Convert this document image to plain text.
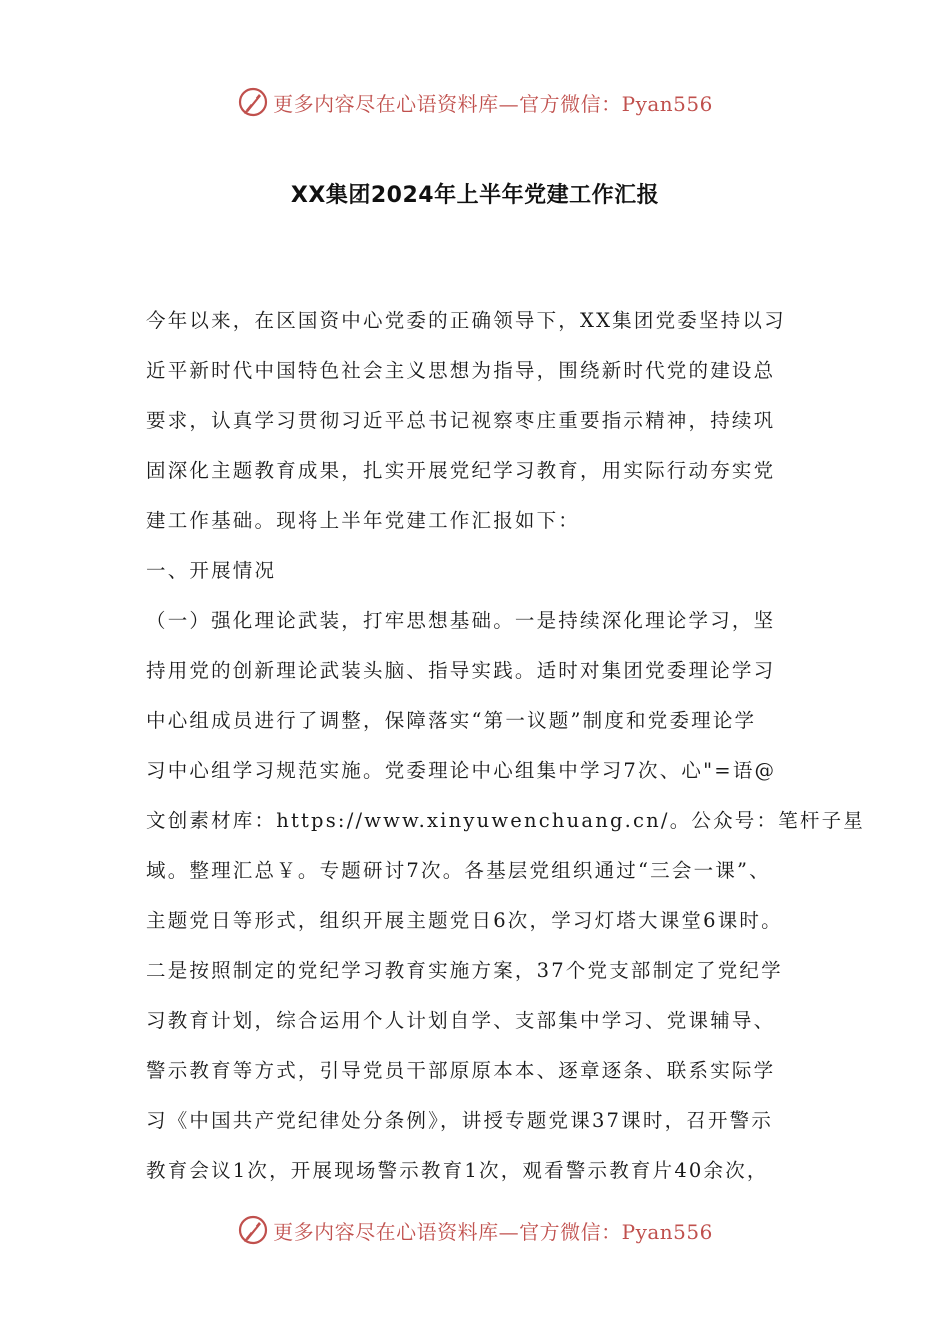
更多内容尽在心语资料库—官方微信：Pyan556
XX集团2024年上半年党建工作汇报
今年以来，在区国资中心党委的正确领导下，XX集团党委坚持以习
近平新时代中国特色社会主义思想为指导，围绕新时代党的建设总
要求，认真学习贯彻习近平总书记视察枣庄重要指示精神，持续巩
固深化主题教育成果，扎实开展党纪学习教育，用实际行动夯实党
建工作基础。现将上半年党建工作汇报如下：
一、开展情况
（一）强化理论武装，打牢思想基础。一是持续深化理论学习，坚
持用党的创新理论武装头脑、指导实践。适时对集团党委理论学习
中心组成员进行了调整，保障落实“第一议题”制度和党委理论学
习中心组学习规范实施。党委理论中心组集中学习7次、心"=语@
文创素材库：https://www.xinyuwenchuang.cn/。公众号：笔杆子星
域。整理汇总￥。专题研讨7次。各基层党组织通过“三会一课”、
主题党日等形式，组织开展主题党日6次，学习灯塔大课堂6课时。
二是按照制定的党纪学习教育实施方案，37个党支部制定了党纪学
习教育计划，综合运用个人计划自学、支部集中学习、党课辅导、
警示教育等方式，引导党员干部原原本本、逐章逐条、联系实际学
习《中国共产党纪律处分条例》，讲授专题党课37课时，召开警示
教育会议1次，开展现场警示教育1次，观看警示教育片40余次，
更多内容尽在心语资料库—官方微信：Pyan556
